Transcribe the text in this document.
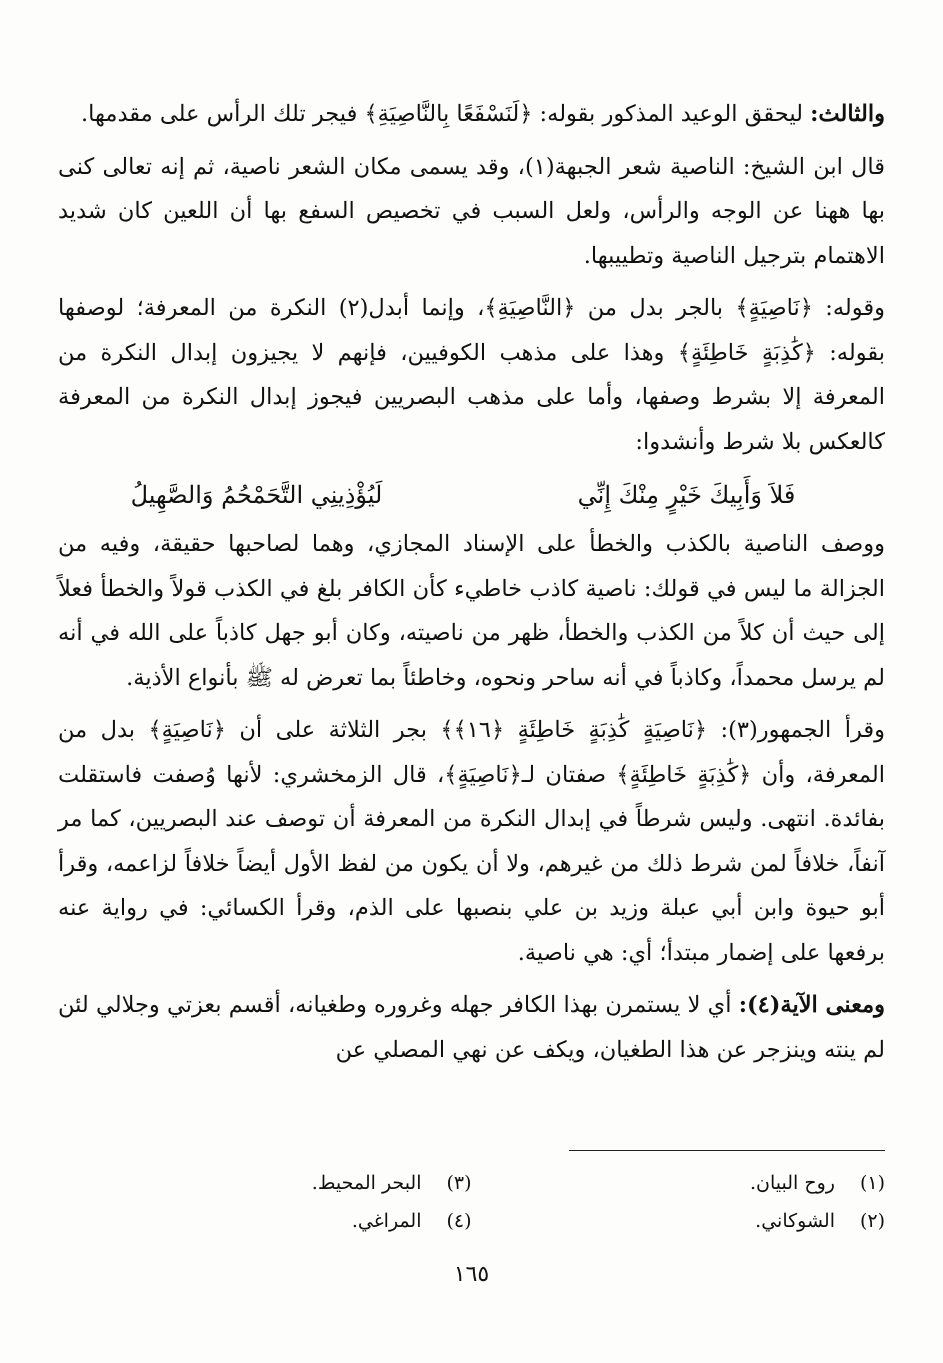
والثالث: ليحقق الوعيد المذكور بقوله: ﴿لَنَسْفَعًا بِالنَّاصِيَةِ﴾ فيجر تلك الرأس على مقدمها.

قال ابن الشيخ: الناصية شعر الجبهة(١)، وقد يسمى مكان الشعر ناصية، ثم إنه تعالى كنى بها ههنا عن الوجه والرأس، ولعل السبب في تخصيص السفع بها أن اللعين كان شديد الاهتمام بترجيل الناصية وتطييبها.

وقوله: ﴿نَاصِيَةٍ﴾ بالجر بدل من ﴿النَّاصِيَةِ﴾، وإنما أبدل(٢) النكرة من المعرفة؛ لوصفها بقوله: ﴿كَٰذِبَةٍ خَاطِئَةٍ﴾ وهذا على مذهب الكوفيين، فإنهم لا يجيزون إبدال النكرة من المعرفة إلا بشرط وصفها، وأما على مذهب البصريين فيجوز إبدال النكرة من المعرفة كالعكس بلا شرط وأنشدوا:

فَلاَ وَأَبِيكَ خَيْرٍ مِنْكَ إِنِّي
لَيُؤْذِينِي التَّحَمْحُمُ وَالصَّهِيلُ

ووصف الناصية بالكذب والخطأ على الإسناد المجازي، وهما لصاحبها حقيقة، وفيه من الجزالة ما ليس في قولك: ناصية كاذب خاطيء كأن الكافر بلغ في الكذب قولاً والخطأ فعلاً إلى حيث أن كلاً من الكذب والخطأ، ظهر من ناصيته، وكان أبو جهل كاذباً على الله في أنه لم يرسل محمداً، وكاذباً في أنه ساحر ونحوه، وخاطئاً بما تعرض له ﷺ بأنواع الأذية.

وقرأ الجمهور(٣): ﴿نَاصِيَةٍ كَٰذِبَةٍ خَاطِئَةٍ ﴿١٦﴾﴾ بجر الثلاثة على أن ﴿نَاصِيَةٍ﴾ بدل من المعرفة، وأن ﴿كَٰذِبَةٍ خَاطِئَةٍ﴾ صفتان لـ﴿نَاصِيَةٍ﴾، قال الزمخشري: لأنها وُصفت فاستقلت بفائدة. انتهى. وليس شرطاً في إبدال النكرة من المعرفة أن توصف عند البصريين، كما مر آنفاً، خلافاً لمن شرط ذلك من غيرهم، ولا أن يكون من لفظ الأول أيضاً خلافاً لزاعمه، وقرأ أبو حيوة وابن أبي عبلة وزيد بن علي بنصبها على الذم، وقرأ الكسائي: في رواية عنه برفعها على إضمار مبتدأ؛ أي: هي ناصية.

ومعنى الآية(٤): أي لا يستمرن بهذا الكافر جهله وغروره وطغيانه، أقسم بعزتي وجلالي لئن لم ينته وينزجر عن هذا الطغيان، ويكف عن نهي المصلي عن

(١)روح البيان.
(٣)البحر المحيط.
(٢)الشوكاني.
(٤)المراغي.
١٦٥
